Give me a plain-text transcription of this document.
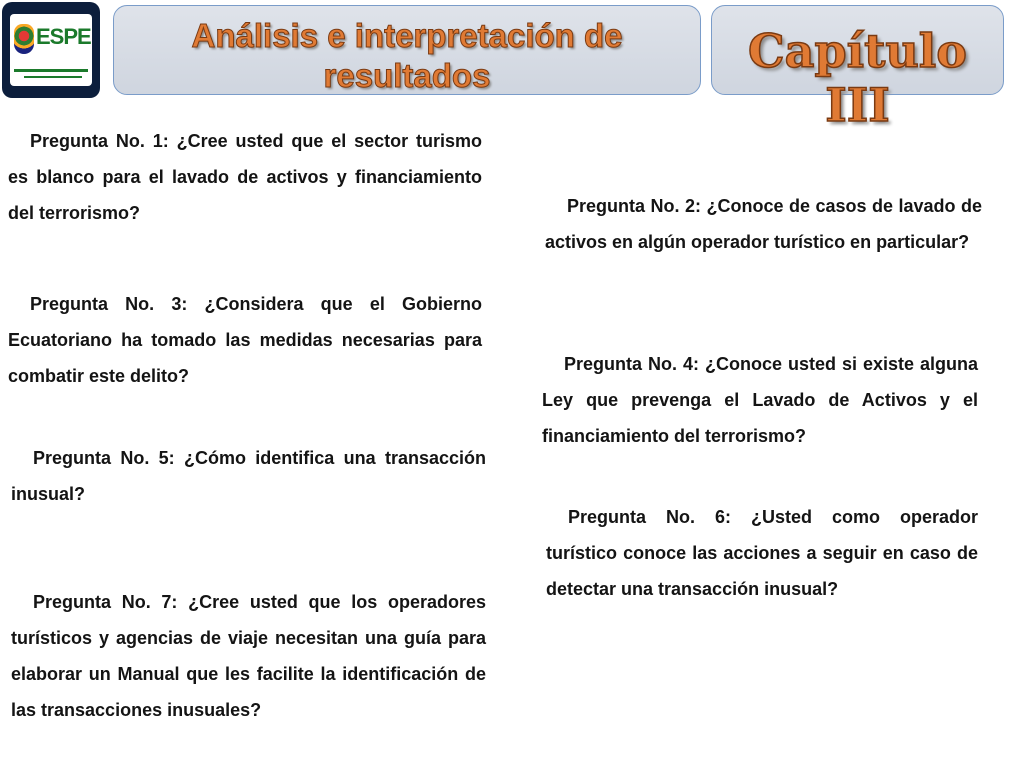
ESPE	Análisis e interpretación de resultados	Capítulo III

Pregunta No. 1: ¿Cree usted que el sector turismo es blanco para el lavado de activos y financiamiento del terrorismo?	Pregunta No. 2: ¿Conoce de casos de lavado de activos en algún operador turístico en particular?

Pregunta No. 3: ¿Considera que el Gobierno Ecuatoriano ha tomado las medidas necesarias para combatir este delito?

Pregunta No. 4: ¿Conoce usted si existe alguna Ley que prevenga el Lavado de Activos y el financiamiento del terrorismo?

Pregunta No. 5: ¿Cómo identifica una transacción inusual?

Pregunta No. 6: ¿Usted como operador turístico conoce las acciones a seguir en caso de detectar una transacción inusual?

Pregunta No. 7: ¿Cree usted que los operadores turísticos y agencias de viaje necesitan una guía para elaborar un Manual que les facilite la identificación de las transacciones inusuales?
